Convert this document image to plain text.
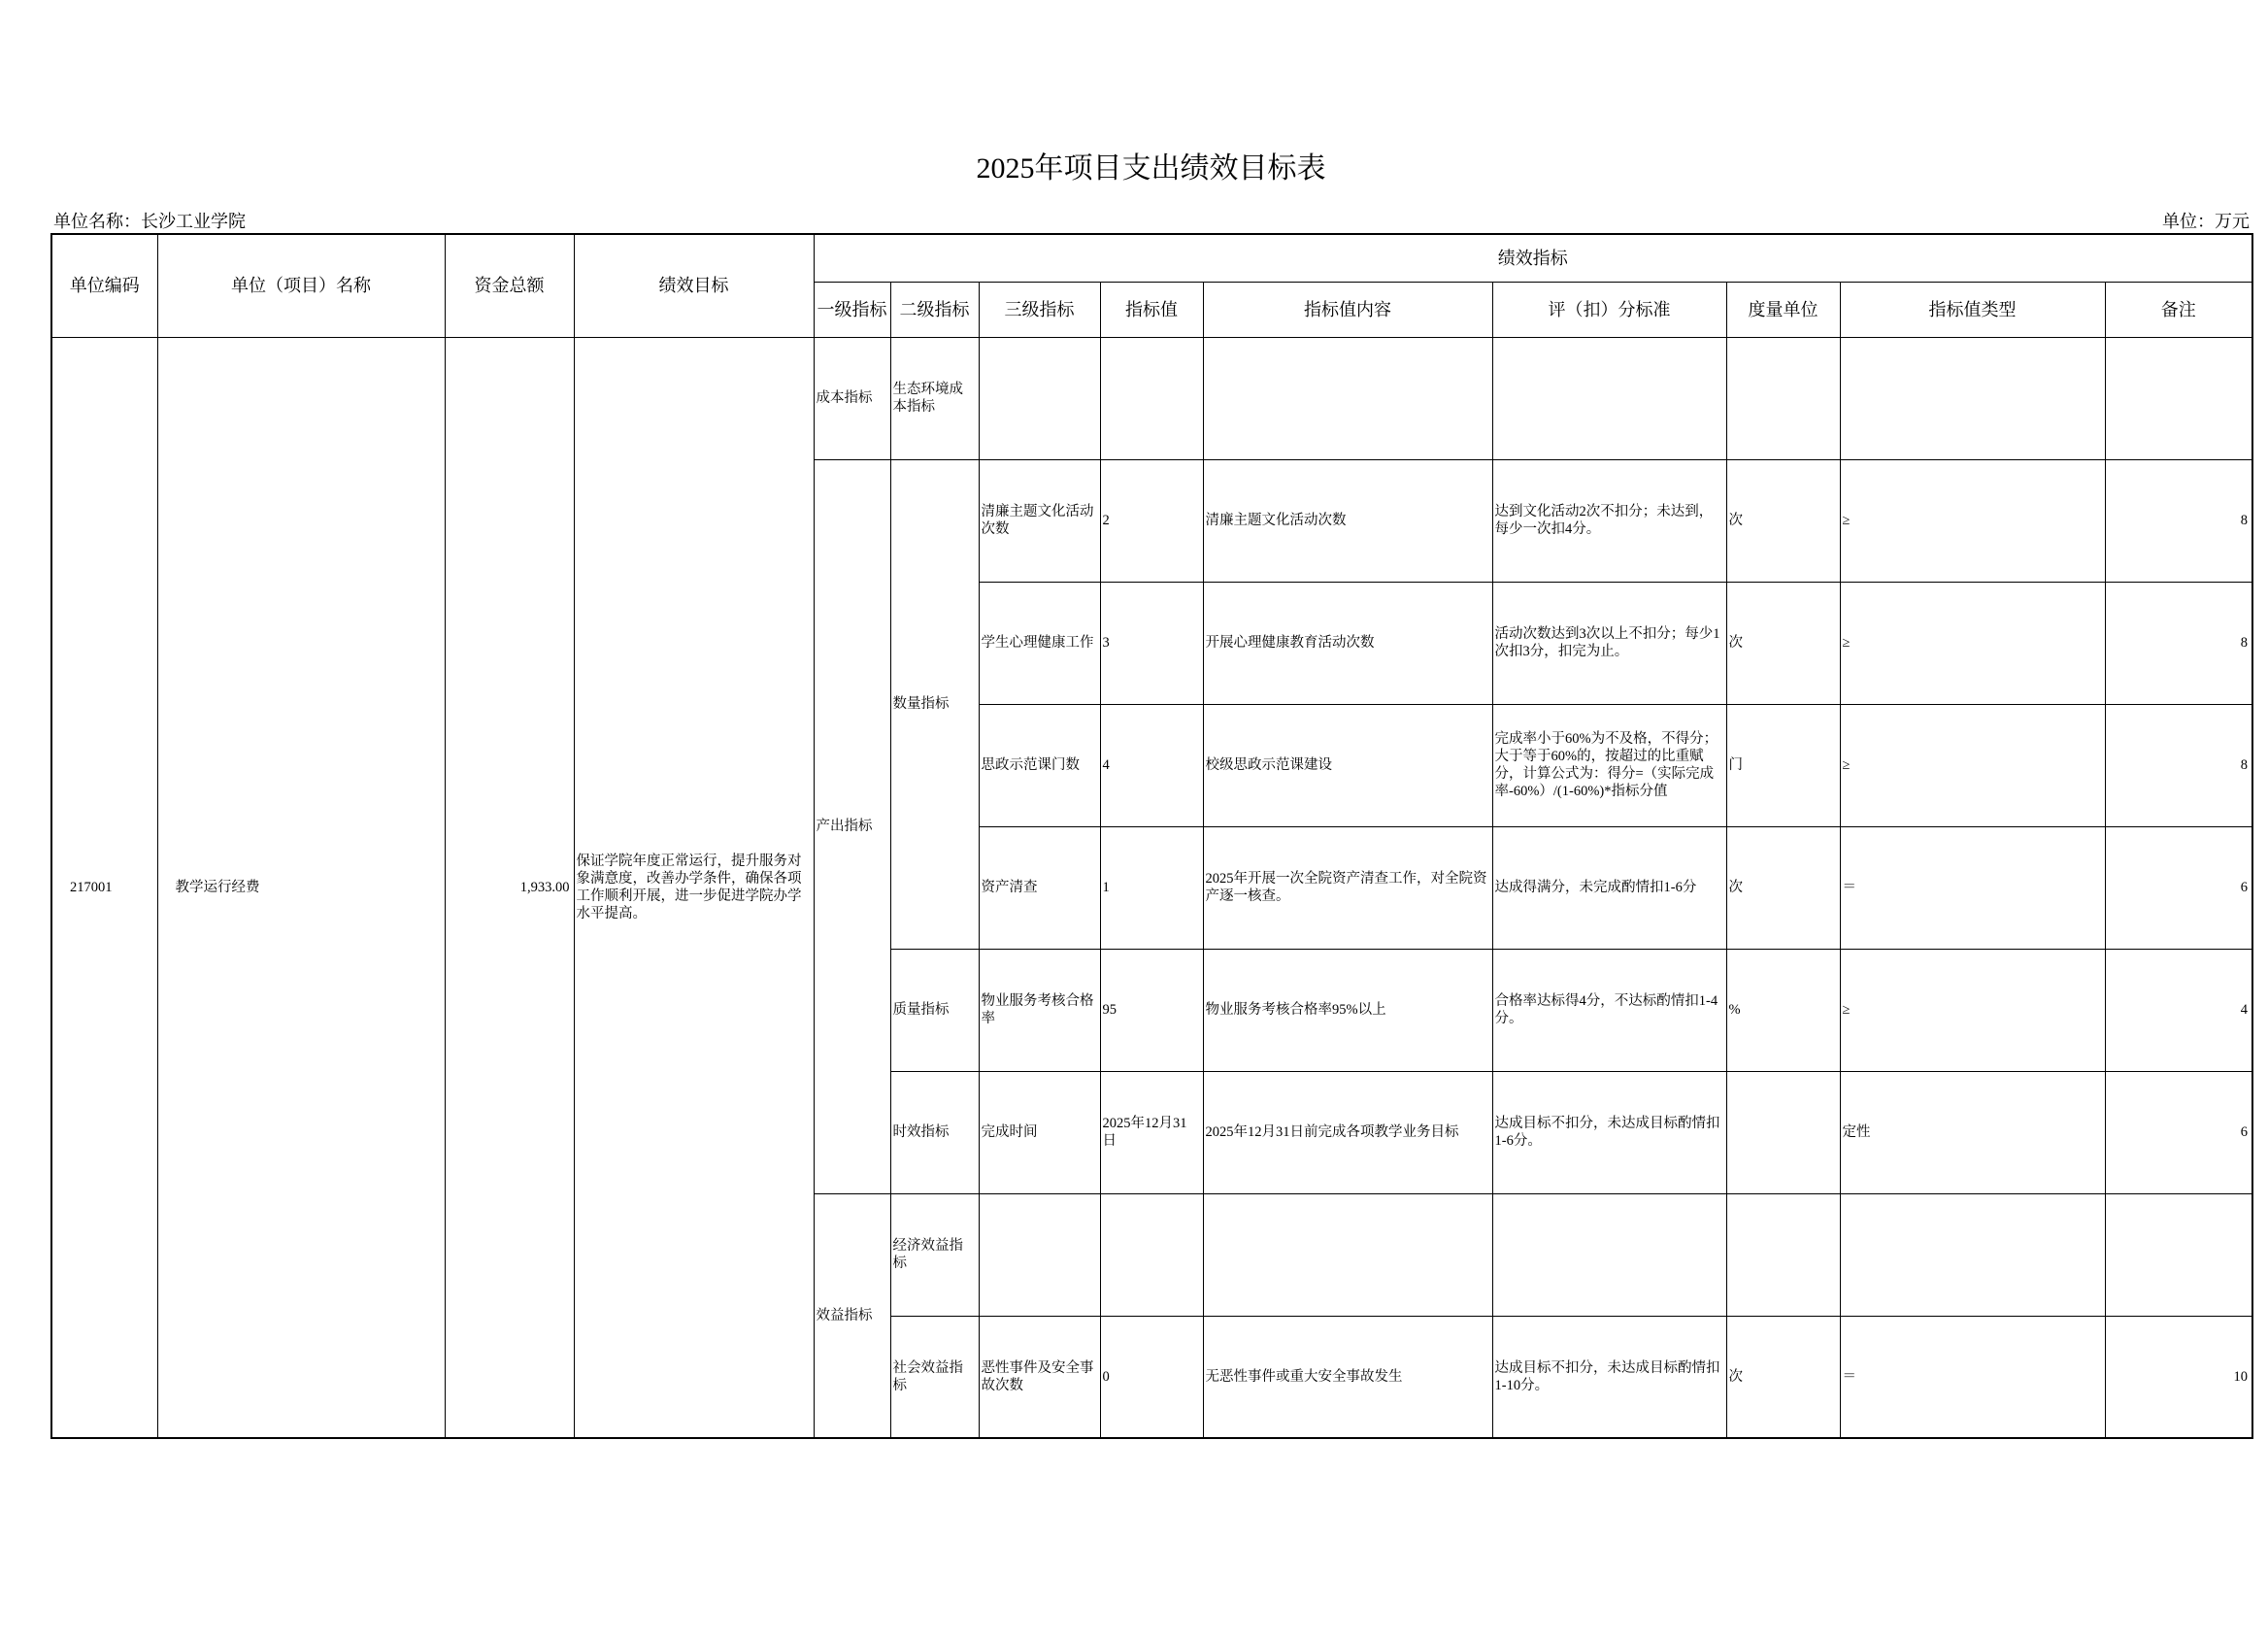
2025年项目支出绩效目标表
单位名称：长沙工业学院	单位：万元
单位编码	单位（项目）名称	资金总额	绩效目标	绩效指标								
				一级指标	二级指标	三级指标	指标值	指标值内容	评（扣）分标准	度量单位	指标值类型	备注
217001	教学运行经费	1,933.00	保证学院年度正常运行，提升服务对象满意度，改善办学条件，确保各项工作顺利开展，进一步促进学院办学水平提高。	成本指标	生态环境成本指标							
				产出指标	数量指标	清廉主题文化活动次数	2	清廉主题文化活动次数	达到文化活动2次不扣分；未达到，每少一次扣4分。	次	≥	8
						学生心理健康工作	3	开展心理健康教育活动次数	活动次数达到3次以上不扣分；每少1次扣3分，扣完为止。	次	≥	8
						思政示范课门数	4	校级思政示范课建设	完成率小于60%为不及格，不得分；大于等于60%的，按超过的比重赋分，计算公式为：得分=（实际完成率-60%）/(1-60%)*指标分值	门	≥	8
						资产清查	1	2025年开展一次全院资产清查工作，对全院资产逐一核查。	达成得满分，未完成酌情扣1-6分	次	＝	6
					质量指标	物业服务考核合格率	95	物业服务考核合格率95%以上	合格率达标得4分，不达标酌情扣1-4分。	%	≥	4
					时效指标	完成时间	2025年12月31日	2025年12月31日前完成各项教学业务目标	达成目标不扣分，未达成目标酌情扣1-6分。		定性	6
				效益指标	经济效益指标							
					社会效益指标	恶性事件及安全事故次数	0	无恶性事件或重大安全事故发生	达成目标不扣分，未达成目标酌情扣1-10分。	次	＝	10
